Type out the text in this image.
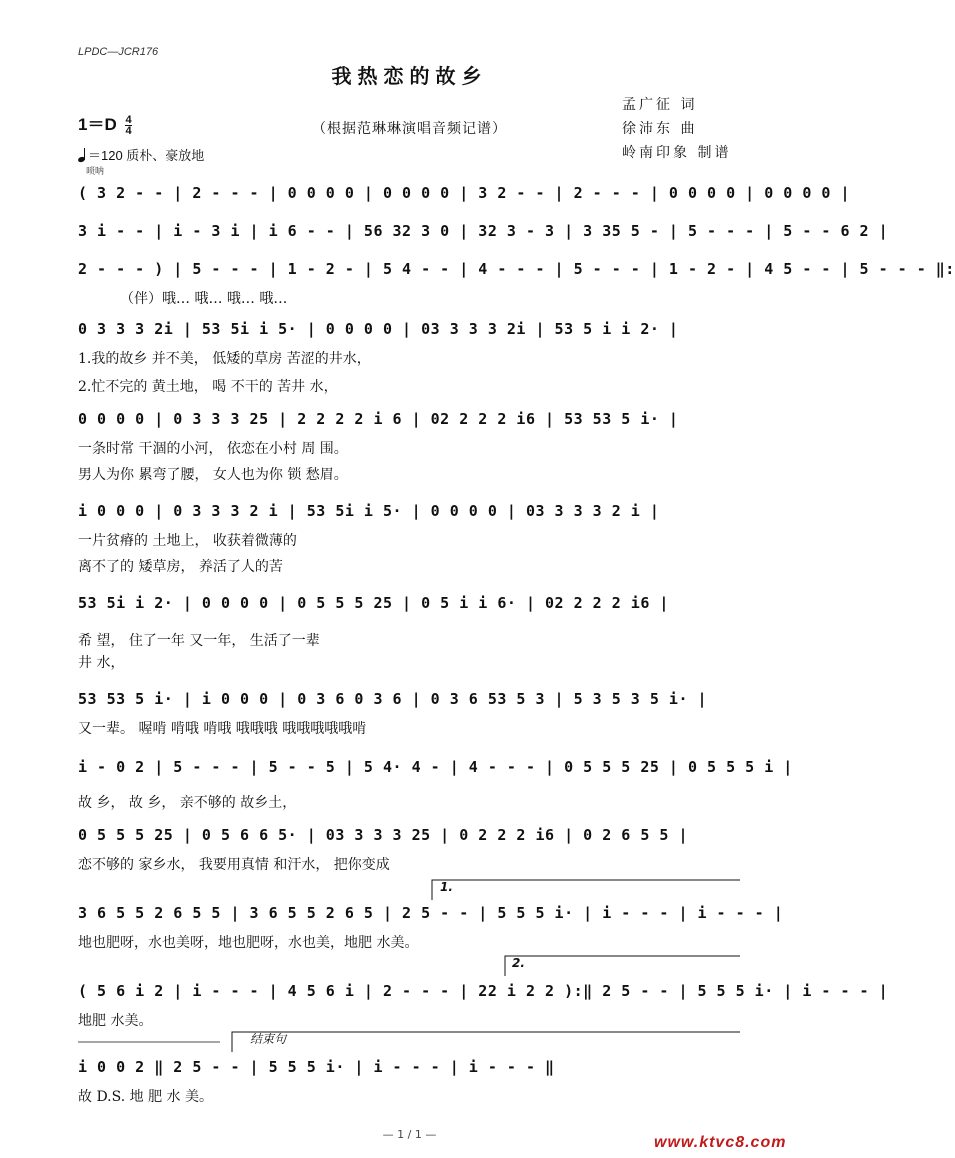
LPDC—JCR176
我热恋的故乡
（根据范琳琳演唱音频记谱）
孟广征 词
徐沛东 曲
岭南印象 制谱
$1=D \frac{4}{4}$
＝120 质朴、豪放地
唢呐
( 3 2 - - | 2 - - - | 0 0 0 0 | 0 0 0 0 | 3 2 - - | 2 - - - | 0 0 0 0 | 0 0 0 0 |
3 i - - | i - 3 i | i 6 - - | 56 32 3 0 | 32 3 - 3 | 3 35 5 - | 5 - - - | 5 - - 6 2 |
2 - - - ) | 5 - - - | 1 - 2 - | 5 4 - - | 4 - - - | 5 - - - | 1 - 2 - | 4 5 - - | 5 - - - ‖:
（伴）哦… 哦… 哦… 哦…
0 3 3 3 2i | 53 5i i 5· | 0 0 0 0 | 03 3 3 3 2i | 53 5 i i 2· |
1.我的故乡 并不美， 低矮的草房 苦涩的井水，
2.忙不完的 黄土地， 喝 不干的 苦井 水，
0 0 0 0 | 0 3 3 3 25 | 2 2 2 2 i 6 | 02 2 2 2 i6 | 53 53 5 i· |
一条时常 干涸的小河， 依恋在小村 周 围。
男人为你 累弯了腰， 女人也为你 锁 愁眉。
i 0 0 0 | 0 3 3 3 2 i | 53 5i i 5· | 0 0 0 0 | 03 3 3 3 2 i |
一片贫瘠的 土地上， 收获着微薄的
离不了的 矮草房， 养活了人的苦
53 5i i 2· | 0 0 0 0 | 0 5 5 5 25 | 0 5 i i 6· | 02 2 2 2 i6 |
希 望， 住了一年 又一年， 生活了一辈
井 水，
53 53 5 i· | i 0 0 0 | 0 3 6 0 3 6 | 0 3 6 53 5 3 | 5 3 5 3 5 i· |
又一辈。 喔啃 啃哦 啃哦 哦哦哦 哦哦哦哦哦啃
i - 0 2 | 5 - - - | 5 - - 5 | 5 4· 4 - | 4 - - - | 0 5 5 5 25 | 0 5 5 5 i |
故 乡， 故 乡， 亲不够的 故乡土，
0 5 5 5 25 | 0 5 6 6 5· | 03 3 3 3 25 | 0 2 2 2 i6 | 0 2 6 5 5 |
恋不够的 家乡水， 我要用真情 和汗水， 把你变成
1.
3 6 5 5 2 6 5 5 | 3 6 5 5 2 6 5 | 2 5 - - | 5 5 5 i· | i - - - | i - - - |
地也肥呀，水也美呀，地也肥呀，水也美，地肥 水美。
2.
( 5 6 i 2 | i - - - | 4 5 6 i | 2 - - - | 22 i 2 2 ):‖ 2 5 - - | 5 5 5 i· | i - - - |
地肥 水美。
结束句
i 0 0 2 ‖ 2 5 - - | 5 5 5 i· | i - - - | i - - - ‖
故 D.S. 地 肥 水 美。
— 1 / 1 —	www.ktvc8.com
